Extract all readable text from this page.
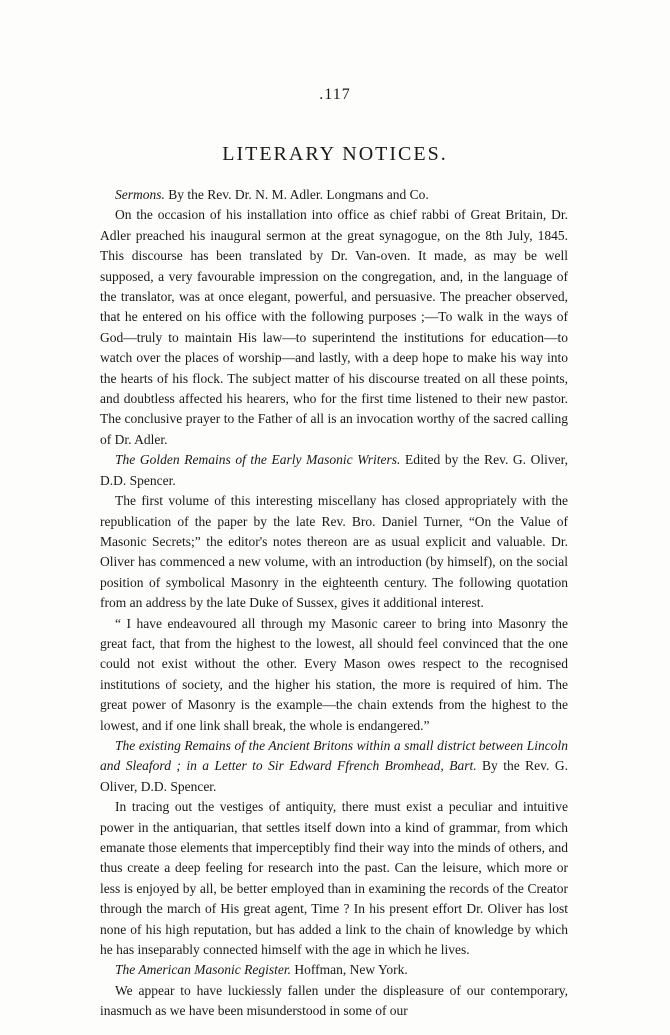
.117
LITERARY NOTICES.

Sermons. By the Rev. Dr. N. M. Adler. Longmans and Co.

On the occasion of his installation into office as chief rabbi of Great Britain, Dr. Adler preached his inaugural sermon at the great synagogue, on the 8th July, 1845. This discourse has been translated by Dr. Van-oven. It made, as may be well supposed, a very favourable impression on the congregation, and, in the language of the translator, was at once elegant, powerful, and persuasive. The preacher observed, that he entered on his office with the following purposes ;—To walk in the ways of God—truly to maintain His law—to superintend the institutions for education—to watch over the places of worship—and lastly, with a deep hope to make his way into the hearts of his flock. The subject matter of his discourse treated on all these points, and doubtless affected his hearers, who for the first time listened to their new pastor. The conclusive prayer to the Father of all is an invocation worthy of the sacred calling of Dr. Adler.

The Golden Remains of the Early Masonic Writers. Edited by the Rev. G. Oliver, D.D. Spencer.

The first volume of this interesting miscellany has closed appropriately with the republication of the paper by the late Rev. Bro. Daniel Turner, “On the Value of Masonic Secrets;” the editor's notes thereon are as usual explicit and valuable. Dr. Oliver has commenced a new volume, with an introduction (by himself), on the social position of symbolical Masonry in the eighteenth century. The following quotation from an address by the late Duke of Sussex, gives it additional interest.

“ I have endeavoured all through my Masonic career to bring into Masonry the great fact, that from the highest to the lowest, all should feel convinced that the one could not exist without the other. Every Mason owes respect to the recognised institutions of society, and the higher his station, the more is required of him. The great power of Masonry is the example—the chain extends from the highest to the lowest, and if one link shall break, the whole is endangered.”

The existing Remains of the Ancient Britons within a small district between Lincoln and Sleaford ; in a Letter to Sir Edward Ffrench Bromhead, Bart. By the Rev. G. Oliver, D.D. Spencer.

In tracing out the vestiges of antiquity, there must exist a peculiar and intuitive power in the antiquarian, that settles itself down into a kind of grammar, from which emanate those elements that imperceptibly find their way into the minds of others, and thus create a deep feeling for research into the past. Can the leisure, which more or less is enjoyed by all, be better employed than in examining the records of the Creator through the march of His great agent, Time ? In his present effort Dr. Oliver has lost none of his high reputation, but has added a link to the chain of knowledge by which he has inseparably connected himself with the age in which he lives.

The American Masonic Register. Hoffman, New York.

We appear to have luckiessly fallen under the displeasure of our contemporary, inasmuch as we have been misunderstood in some of our
